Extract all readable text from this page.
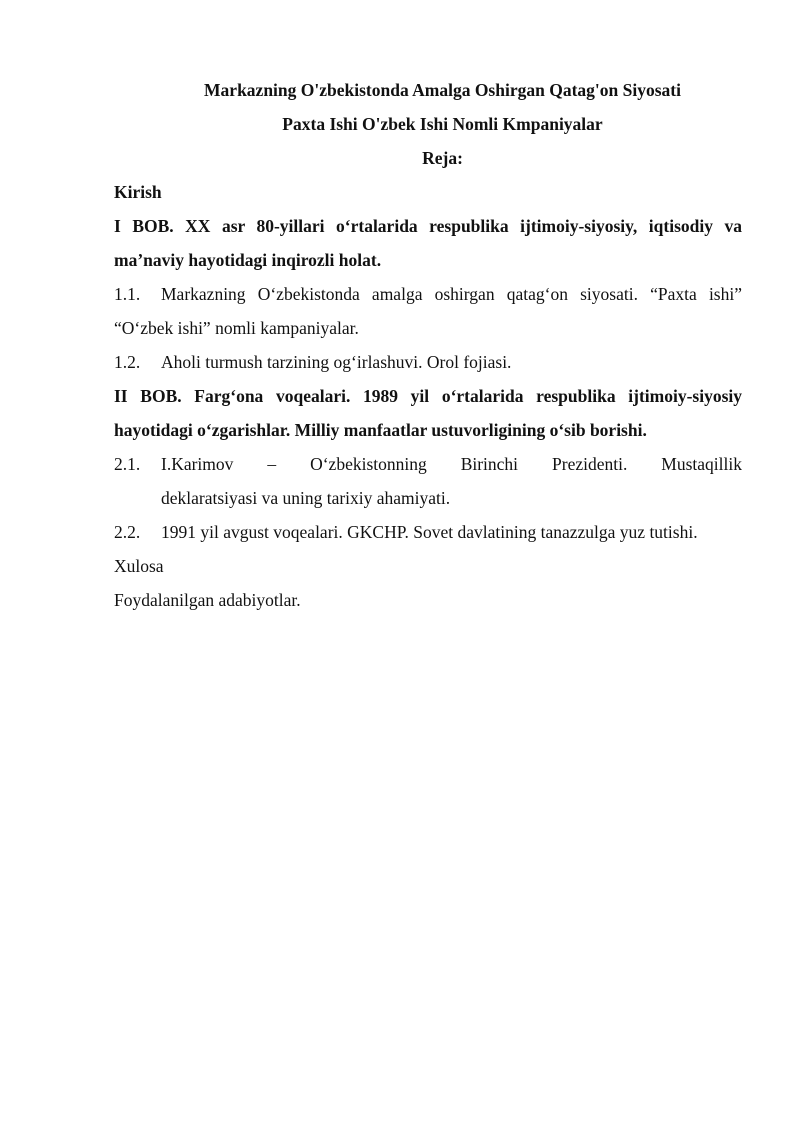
Markazning O'zbekistonda Amalga Oshirgan Qatag'on Siyosati

Paxta Ishi O'zbek Ishi Nomli Kmpaniyalar

Reja:

Kirish

I BOB. XX asr 80-yillari o‘rtalarida respublika ijtimoiy-siyosiy, iqtisodiy va ma’naviy hayotidagi inqirozli holat.

1.1. Markazning O‘zbekistonda amalga oshirgan qatag‘on siyosati. “Paxta ishi” “O‘zbek ishi” nomli kampaniyalar.

1.2. Aholi turmush tarzining og‘irlashuvi. Orol fojiasi.

II BOB. Farg‘ona voqealari. 1989 yil o‘rtalarida respublika ijtimoiy-siyosiy hayotidagi o‘zgarishlar. Milliy manfaatlar ustuvorligining o‘sib borishi.

2.1.	I.Karimov – O‘zbekistonning Birinchi Prezidenti. Mustaqillik
deklaratsiyasi va uning tarixiy ahamiyati.

2.2. 1991 yil avgust voqealari. GKCHP. Sovet davlatining tanazzulga yuz tutishi.

Xulosa

Foydalanilgan adabiyotlar.
